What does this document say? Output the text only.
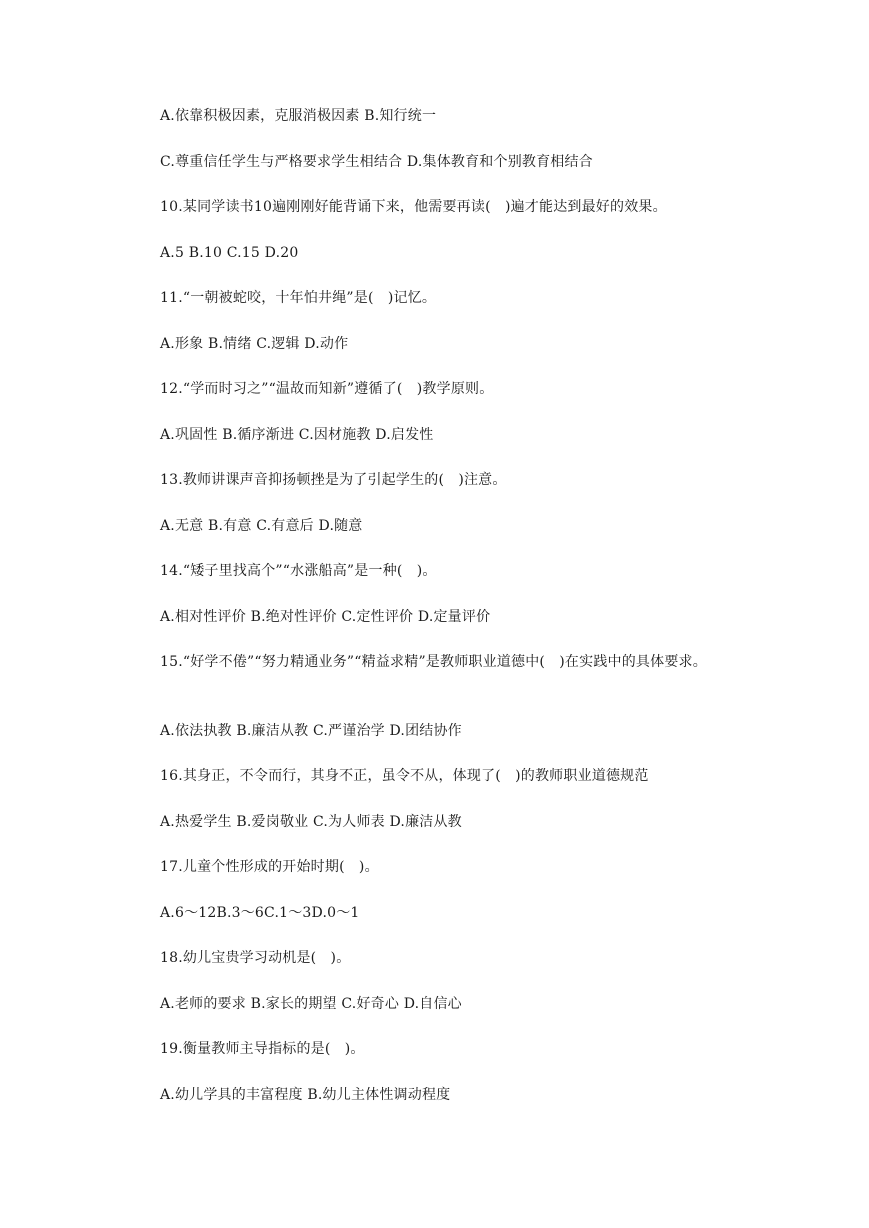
A.依靠积极因素，克服消极因素 B.知行统一
C.尊重信任学生与严格要求学生相结合 D.集体教育和个别教育相结合
10.某同学读书10遍刚刚好能背诵下来，他需要再读(　)遍才能达到最好的效果。
A.5 B.10 C.15 D.20
11.“一朝被蛇咬，十年怕井绳”是(　)记忆。
A.形象 B.情绪 C.逻辑 D.动作
12.“学而时习之”“温故而知新”遵循了(　)教学原则。
A.巩固性 B.循序渐进 C.因材施教 D.启发性
13.教师讲课声音抑扬顿挫是为了引起学生的(　)注意。
A.无意 B.有意 C.有意后 D.随意
14.“矮子里找高个”“水涨船高”是一种(　)。
A.相对性评价 B.绝对性评价 C.定性评价 D.定量评价
15.“好学不倦”“努力精通业务”“精益求精”是教师职业道德中(　)在实践中的具体要求。
A.依法执教 B.廉洁从教 C.严谨治学 D.团结协作
16.其身正，不令而行，其身不正，虽令不从，体现了(　)的教师职业道德规范
A.热爱学生 B.爱岗敬业 C.为人师表 D.廉洁从教
17.儿童个性形成的开始时期(　)。
A.6～12B.3～6C.1～3D.0～1
18.幼儿宝贵学习动机是(　)。
A.老师的要求 B.家长的期望 C.好奇心 D.自信心
19.衡量教师主导指标的是(　)。
A.幼儿学具的丰富程度 B.幼儿主体性调动程度
